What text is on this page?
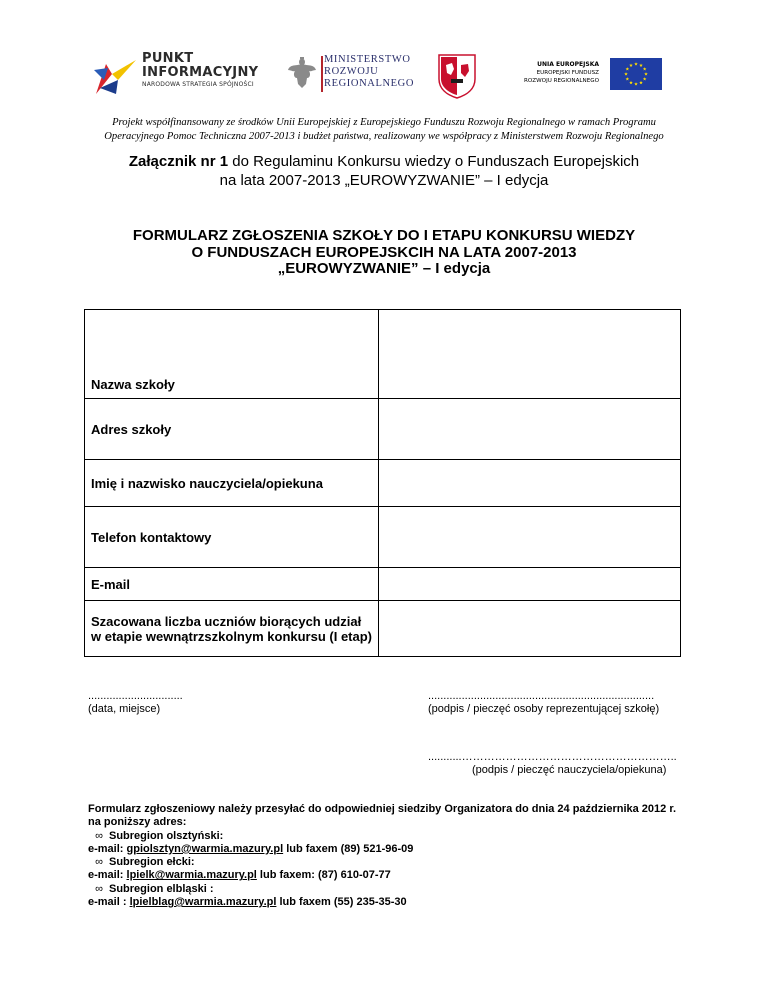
PUNKT
INFORMACYJNY
NARODOWA STRATEGIA SPÓJNOŚCI
MINISTERSTWO
ROZWOJU
REGIONALNEGO
UNIA EUROPEJSKA
EUROPEJSKI FUNDUSZ
ROZWOJU REGIONALNEGO
Projekt współfinansowany ze środków Unii Europejskiej z Europejskiego Funduszu Rozwoju Regionalnego w ramach Programu
Operacyjnego Pomoc Techniczna 2007-2013 i budżet państwa, realizowany we współpracy z Ministerstwem Rozwoju Regionalnego
Załącznik nr 1 do Regulaminu Konkursu wiedzy o Funduszach Europejskich
na lata 2007-2013 „EUROWYZWANIE” – I edycja
FORMULARZ ZGŁOSZENIA SZKOŁY DO I ETAPU KONKURSU WIEDZY
O FUNDUSZACH EUROPEJSKCIH NA LATA 2007-2013
„EUROWYZWANIE” – I edycja
Nazwa szkoły	
Adres szkoły	
Imię i nazwisko nauczyciela/opiekuna	
Telefon kontaktowy	
E-mail	
Szacowana liczba uczniów biorących udział w etapie wewnątrzszkolnym konkursu (I etap)	
...............................
(data, miejsce)
..........................................................................
(podpis / pieczęć osoby reprezentującej szkołę)
...........…………………………………………………..
(podpis / pieczęć nauczyciela/opiekuna)
Formularz zgłoszeniowy należy przesyłać do odpowiedniej siedziby Organizatora do dnia 24 października 2012 r. na poniższy adres:
∞ Subregion olsztyński:
e-mail: gpiolsztyn@warmia.mazury.pl lub faxem (89) 521-96-09
∞ Subregion ełcki:
e-mail: lpielk@warmia.mazury.pl lub faxem: (87) 610-07-77
∞ Subregion elbląski :
e-mail : lpielblag@warmia.mazury.pl lub faxem (55) 235-35-30
